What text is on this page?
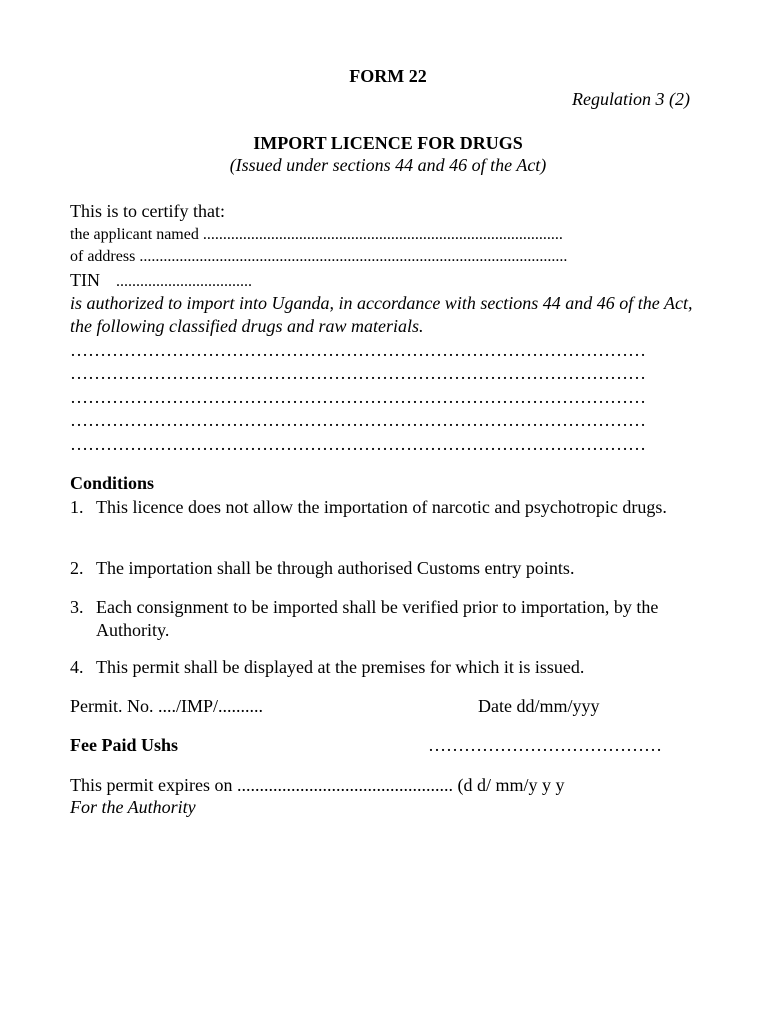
FORM 22
Regulation 3 (2)
IMPORT LICENCE FOR DRUGS
(Issued under sections 44 and 46 of the Act)
This is to certify that:
the applicant named ..........................................................................................
of address ...........................................................................................................
TIN ..................................
is authorized to import into Uganda, in accordance with sections 44 and 46 of the Act, the following classified drugs and raw materials.
……………………………………………………………………………………
……………………………………………………………………………………
……………………………………………………………………………………
……………………………………………………………………………………
……………………………………………………………………………………
Conditions
1. This licence does not allow the importation of narcotic and psychotropic drugs.
2. The importation shall be through authorised Customs entry points.
3. Each consignment to be imported shall be verified prior to importation, by the Authority.
4. This permit shall be displayed at the premises for which it is issued.
Permit. No. ..../IMP/..........	Date dd/mm/yyy
Fee Paid Ushs	…………………………………
This permit expires on ................................................ (d d/ mm/y y y
For the Authority
